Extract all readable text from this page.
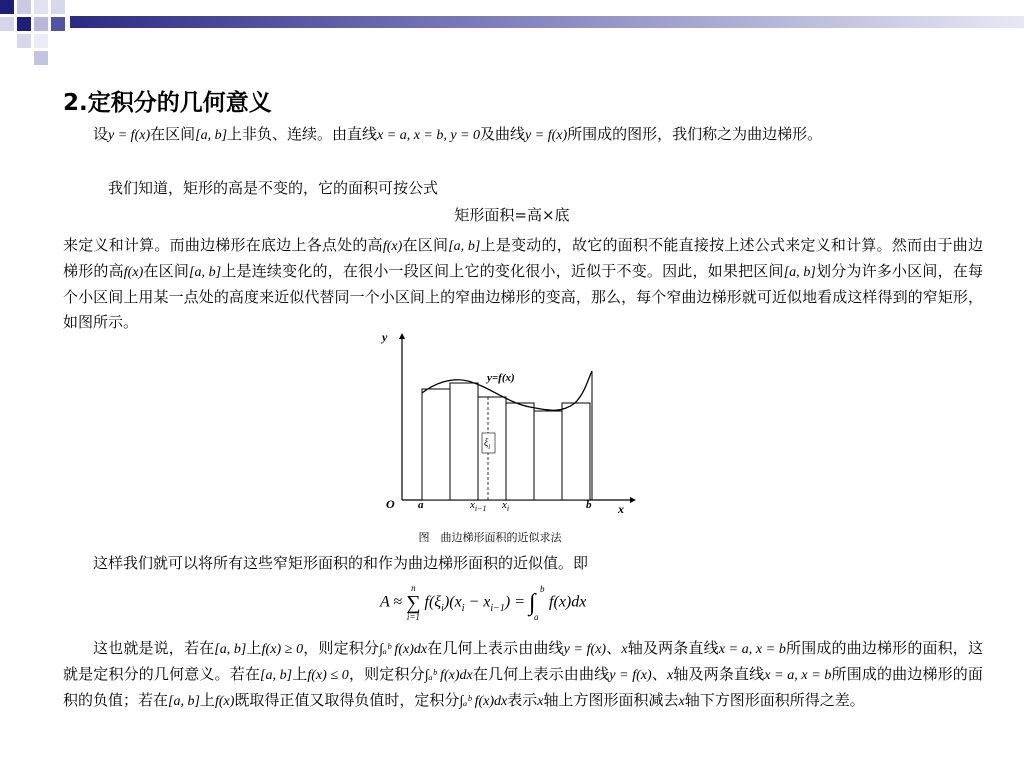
2.定积分的几何意义
设y = f(x)在区间[a, b]上非负、连续。由直线x = a, x = b, y = 0及曲线y = f(x)所围成的图形，我们称之为曲边梯形。
我们知道，矩形的高是不变的，它的面积可按公式
矩形面积=高×底
来定义和计算。而曲边梯形在底边上各点处的高f(x)在区间[a, b]上是变动的，故它的面积不能直接按上述公式来定义和计算。然而由于曲边梯形的高f(x)在区间[a, b]上是连续变化的，在很小一段区间上它的变化很小，近似于不变。因此，如果把区间[a, b]划分为许多小区间，在每个小区间上用某一点处的高度来近似代替同一个小区间上的窄曲边梯形的变高，那么，每个窄曲边梯形就可近似地看成这样得到的窄矩形，如图所示。
y
x
O
y=f(x)
$\xi_i$
a	b
$x_{i-1}$ $x_i$
图　曲边梯形面积的近似求法
这样我们就可以将所有这些窄矩形面积的和作为曲边梯形面积的近似值。即
A ≈
n
∑
i=1
$f(\xi_i)(x_i - x_{i-1})$ = ∫
b
a
f(x)dx
这也就是说，若在[a, b]上f(x) ≥ 0，则定积分∫ₐᵇ f(x)dx在几何上表示由曲线y = f(x)、x轴及两条直线x = a, x = b所围成的曲边梯形的面积，这就是定积分的几何意义。若在[a, b]上f(x) ≤ 0，则定积分∫ₐᵇ f(x)dx在几何上表示由曲线y = f(x)、x轴及两条直线x = a, x = b所围成的曲边梯形的面积的负值；若在[a, b]上f(x)既取得正值又取得负值时，定积分∫ₐᵇ f(x)dx表示x轴上方图形面积减去x轴下方图形面积所得之差。
